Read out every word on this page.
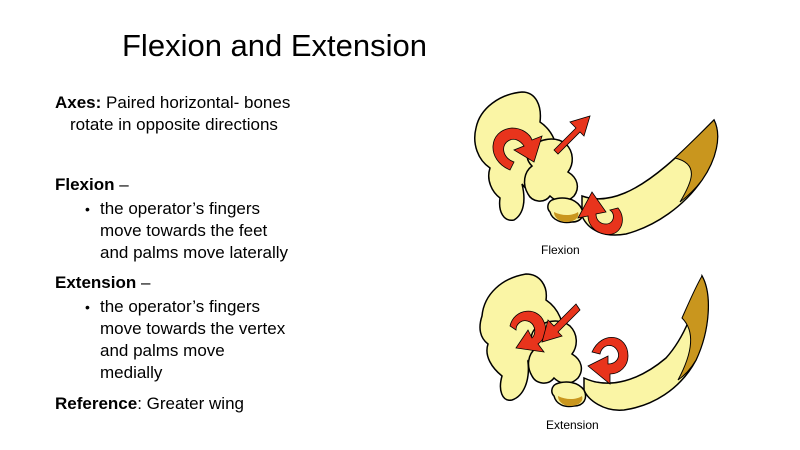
Flexion and Extension
Axes: Paired horizontal- bones
rotate in opposite directions
Flexion –
• the operator’s fingers
move towards the feet
and palms move laterally
Extension –
• the operator’s fingers
move towards the vertex
and palms move
medially
Reference: Greater wing
Flexion
Extension
